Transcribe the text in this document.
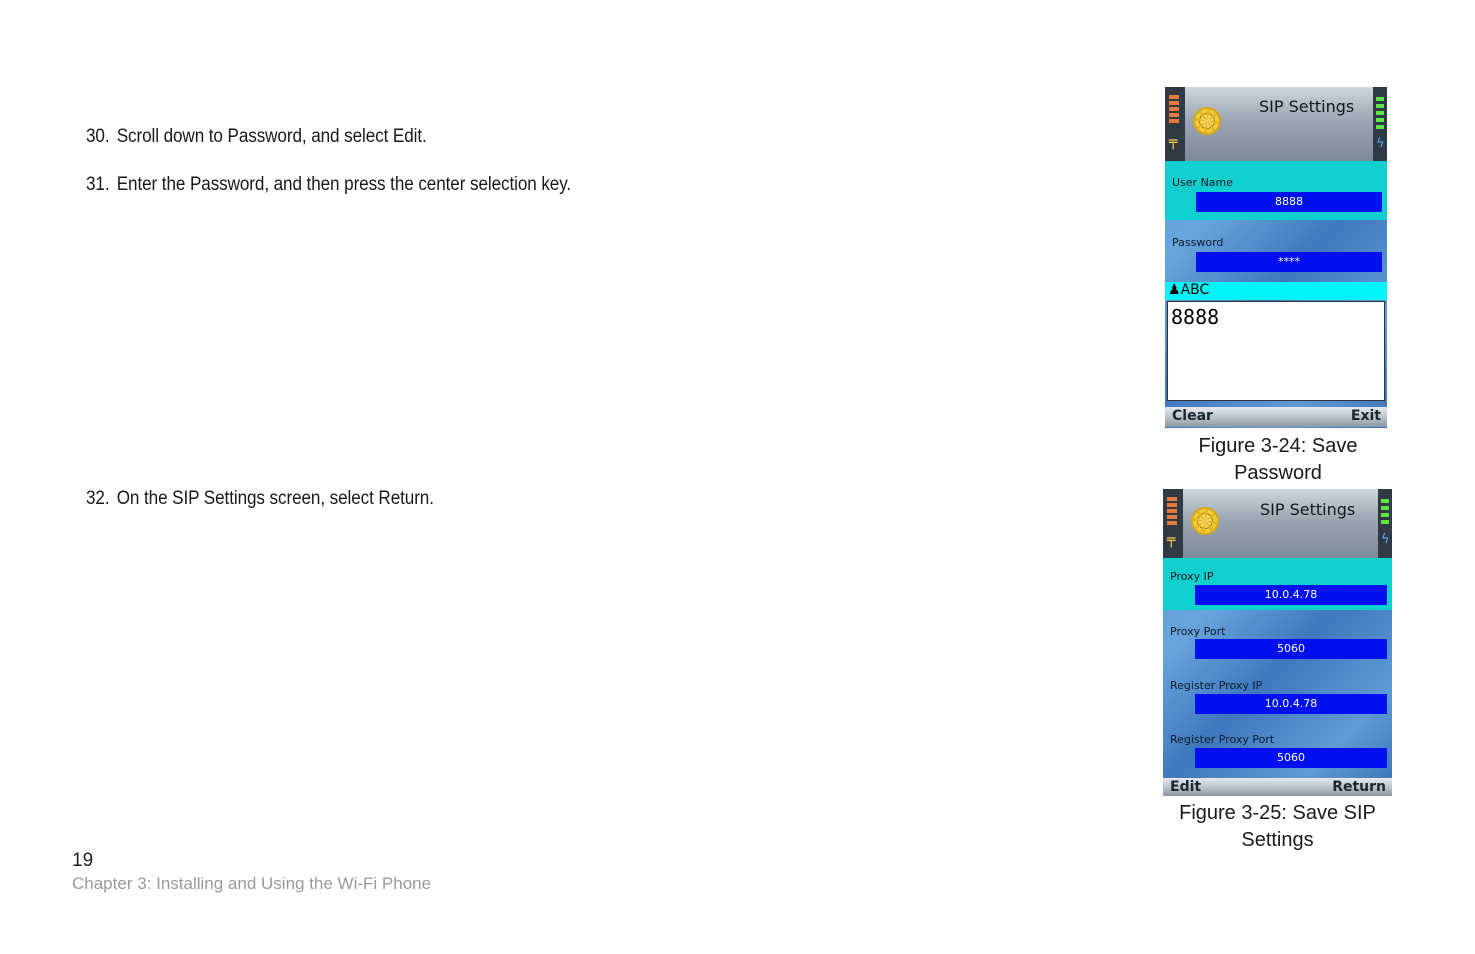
30. Scroll down to Password, and select Edit.
31. Enter the Password, and then press the center selection key.
32. On the SIP Settings screen, select Return.
19
Chapter 3: Installing and Using the Wi-Fi Phone
╤
SIP Settings
ϟ
User Name
8888
Password
****
♟ABC
8888
Clear	Exit
Figure 3-24: Save
Password
╤
SIP Settings
ϟ
Proxy IP
10.0.4.78
Proxy Port
5060
Register Proxy IP
10.0.4.78
Register Proxy Port
5060
Edit	Return
Figure 3-25: Save SIP
Settings
